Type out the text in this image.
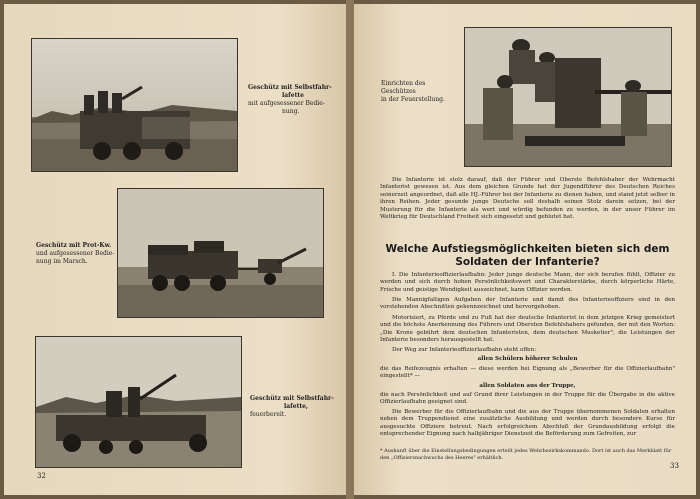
Geschütz mit Selbstfahr-
lafette
mit aufgesessener Bedie-
nung.
Geschütz mit Prot-Kw.
und aufgesessener Bedie-
nung im Marsch.
Geschütz mit Selbstfahr-
lafette,
feuerbereit.
32
Einrichten des Geschützes
in der Feuerstellung.
Die Infanterie ist stolz darauf, daß der Führer und Oberste Befehlshaber der Wehrmacht Infanterist gewesen ist. Aus dem gleichen Grunde hat der Jugendführer des Deutschen Reiches seinerzeit angeordnet, daß alle HJ.-Führer bei der Infanterie zu dienen haben, und stand jetzt selber in ihren Reihen. Jeder gesunde junge Deutsche soll deshalb seinen Stolz darein setzen, bei der Musterung für die Infanterie als wert und würdig befunden zu werden, in der unser Führer im Weltkrieg für Deutschland Freiheit sich eingesetzt und geblutet hat.
Welche Aufstiegsmöglichkeiten bieten sich dem Soldaten der Infanterie?
I. Die Infanterieoffizierlaufbahn: Jeder junge deutsche Mann, der sich berufen fühlt, Offizier zu werden und sich durch hohen Persönlichkeitswert und Charakterstärke, durch körperliche Härte, Frische und geistige Wendigkeit auszeichnet, kann Offizier werden.
Die Mannigfaltigen Aufgaben der Infanterie und damit des Infanterieoffiziers sind in den vorstehenden Abschnitten gekennzeichnet und hervorgehoben.
Motorisiert, zu Pferde und zu Fuß hat der deutsche Infanterist in dem jetzigen Krieg gemeistert und die höchste Anerkennung des Führers und Obersten Befehlshabers gefunden, der mit den Worten: „Die Krone gebührt dem deutschen Infanteristen, dem deutschen Musketier", die Leistungen der Infanterie besonders herausgestellt hat.
Der Weg zur Infanterieoffizierlaufbahn steht offen:
allen Schülern höherer Schulen
die das Reifezeugnis erhalten — diese werden bei Eignung als „Bewerber für die Offizierlaufbahn" eingestellt* —
allen Soldaten aus der Truppe,
die nach Persönlichkeit und auf Grund ihrer Leistungen in der Truppe für die Übergabe in die aktive Offizierlaufbahn geeignet sind.
Die Bewerber für die Offizierlaufbahn und die aus der Truppe übernommenen Soldaten erhalten neben dem Truppendienst eine zusätzliche Ausbildung und werden durch besondere Kurse für ausgesuchte Offiziere betreut. Nach erfolgreichem Abschluß der Grundausbildung erfolgt die entsprechender Eignung nach halbjähriger Dienstzeit die Beförderung zum Gefreiten, zur
* Auskunft über die Einstellungsbedingungen erteilt jedes Wehrbezirkskommando. Dort ist auch das Merkblatt für den „Offiziersnachwuchs des Heeres" erhältlich.
33
